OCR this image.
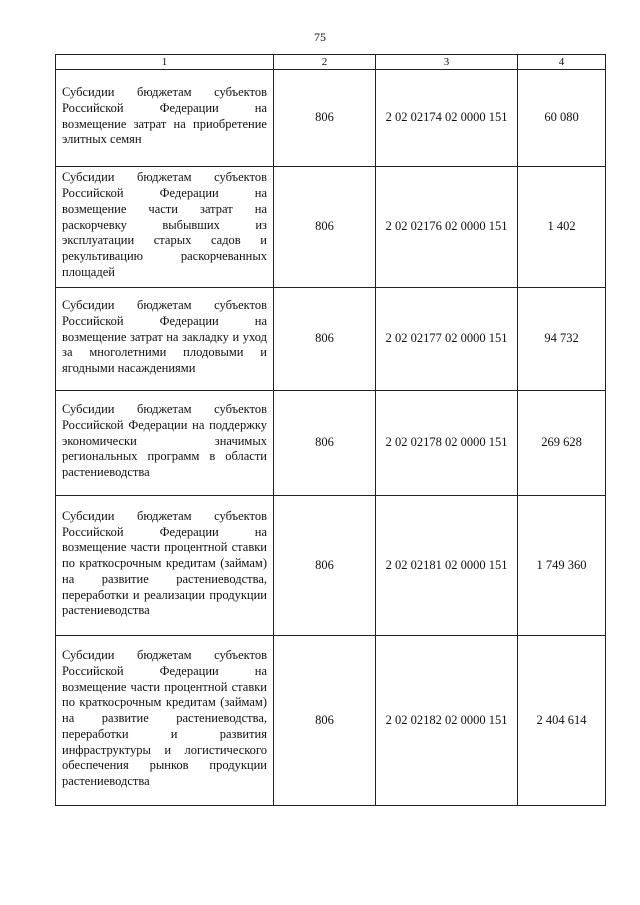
75
1	2	3	4
Субсидии бюджетам субъектов Российской Федерации на возмещение затрат на приобретение элитных семян	806	2 02 02174 02 0000 151	60 080
Субсидии бюджетам субъектов Российской Федерации на возмещение части затрат на раскорчевку выбывших из эксплуатации старых садов и рекультивацию раскорчеванных площадей	806	2 02 02176 02 0000 151	1 402
Субсидии бюджетам субъектов Российской Федерации на возмещение затрат на закладку и уход за многолетними плодовыми и ягодными насаждениями	806	2 02 02177 02 0000 151	94 732
Субсидии бюджетам субъектов Российской Федерации на поддержку экономически значимых региональных программ в области растениеводства	806	2 02 02178 02 0000 151	269 628
Субсидии бюджетам субъектов Российской Федерации на возмещение части процентной ставки по краткосрочным кредитам (займам) на развитие растениеводства, переработки и реализации продукции растениеводства	806	2 02 02181 02 0000 151	1 749 360
Субсидии бюджетам субъектов Российской Федерации на возмещение части процентной ставки по краткосрочным кредитам (займам) на развитие растениеводства, переработки и развития инфраструктуры и логистического обеспечения рынков продукции растениеводства	806	2 02 02182 02 0000 151	2 404 614
